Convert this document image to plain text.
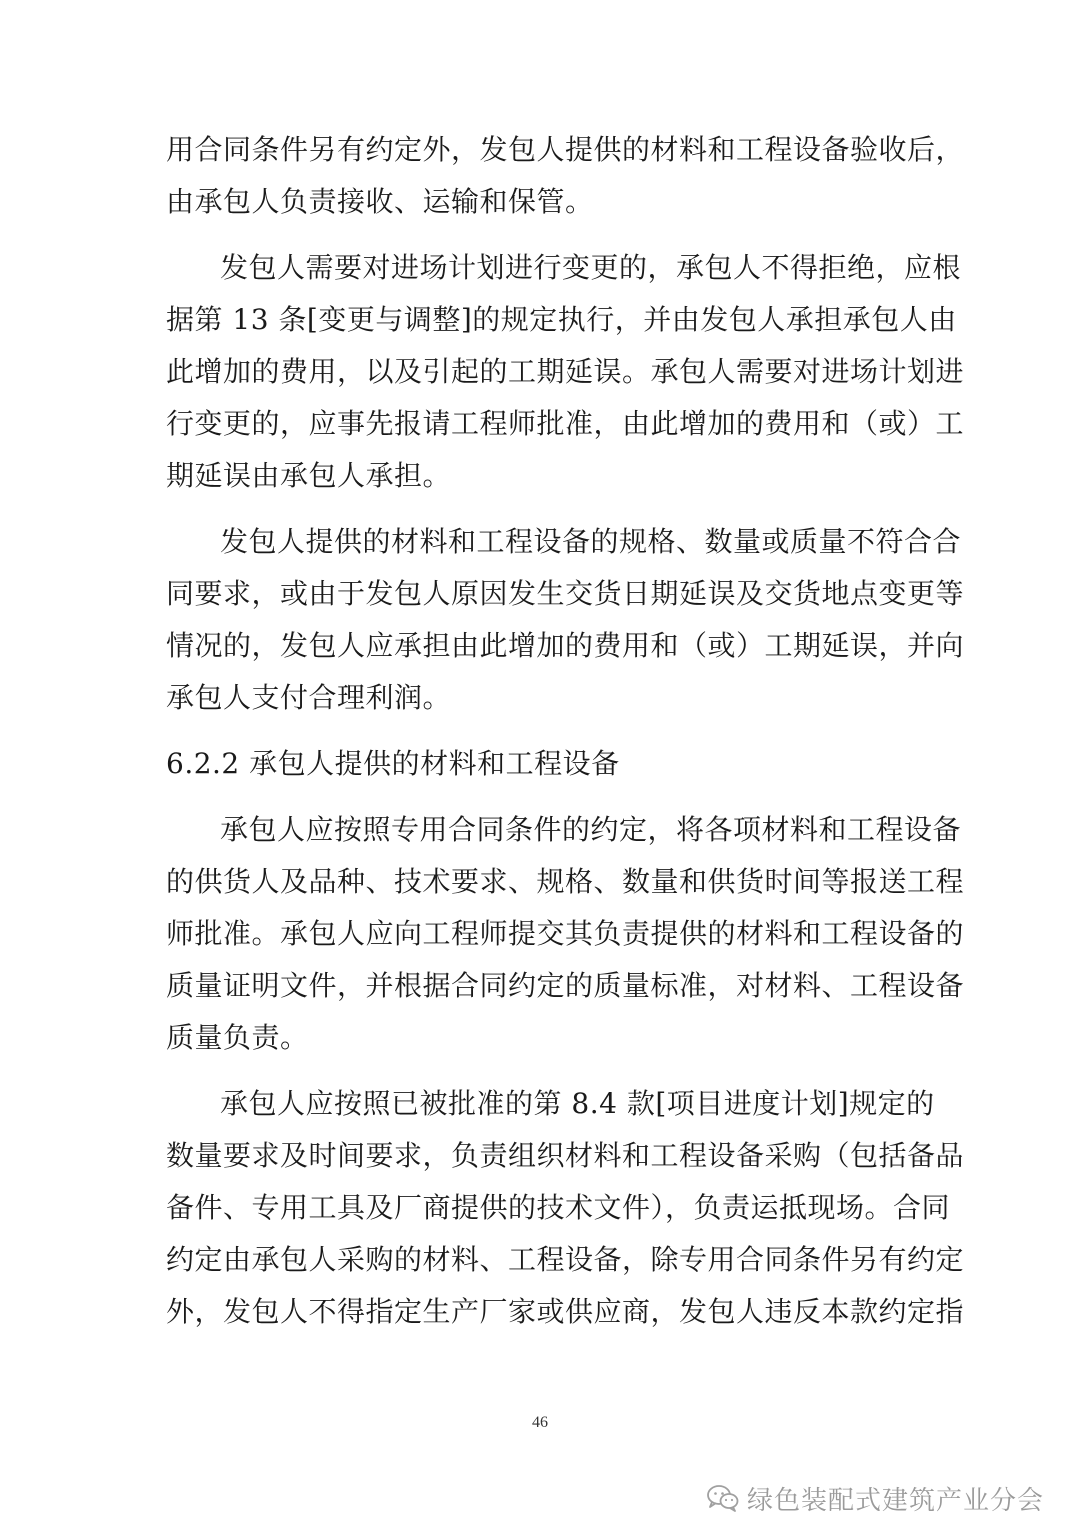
用合同条件另有约定外，发包人提供的材料和工程设备验收后，
由承包人负责接收、运输和保管。
发包人需要对进场计划进行变更的，承包人不得拒绝，应根
据第 13 条[变更与调整]的规定执行，并由发包人承担承包人由
此增加的费用，以及引起的工期延误。承包人需要对进场计划进
行变更的，应事先报请工程师批准，由此增加的费用和（或）工
期延误由承包人承担。
发包人提供的材料和工程设备的规格、数量或质量不符合合
同要求，或由于发包人原因发生交货日期延误及交货地点变更等
情况的，发包人应承担由此增加的费用和（或）工期延误，并向
承包人支付合理利润。
6.2.2 承包人提供的材料和工程设备
承包人应按照专用合同条件的约定，将各项材料和工程设备
的供货人及品种、技术要求、规格、数量和供货时间等报送工程
师批准。承包人应向工程师提交其负责提供的材料和工程设备的
质量证明文件，并根据合同约定的质量标准，对材料、工程设备
质量负责。
承包人应按照已被批准的第 8.4 款[项目进度计划]规定的
数量要求及时间要求，负责组织材料和工程设备采购（包括备品
备件、专用工具及厂商提供的技术文件），负责运抵现场。合同
约定由承包人采购的材料、工程设备，除专用合同条件另有约定
外，发包人不得指定生产厂家或供应商，发包人违反本款约定指
46
绿色装配式建筑产业分会
